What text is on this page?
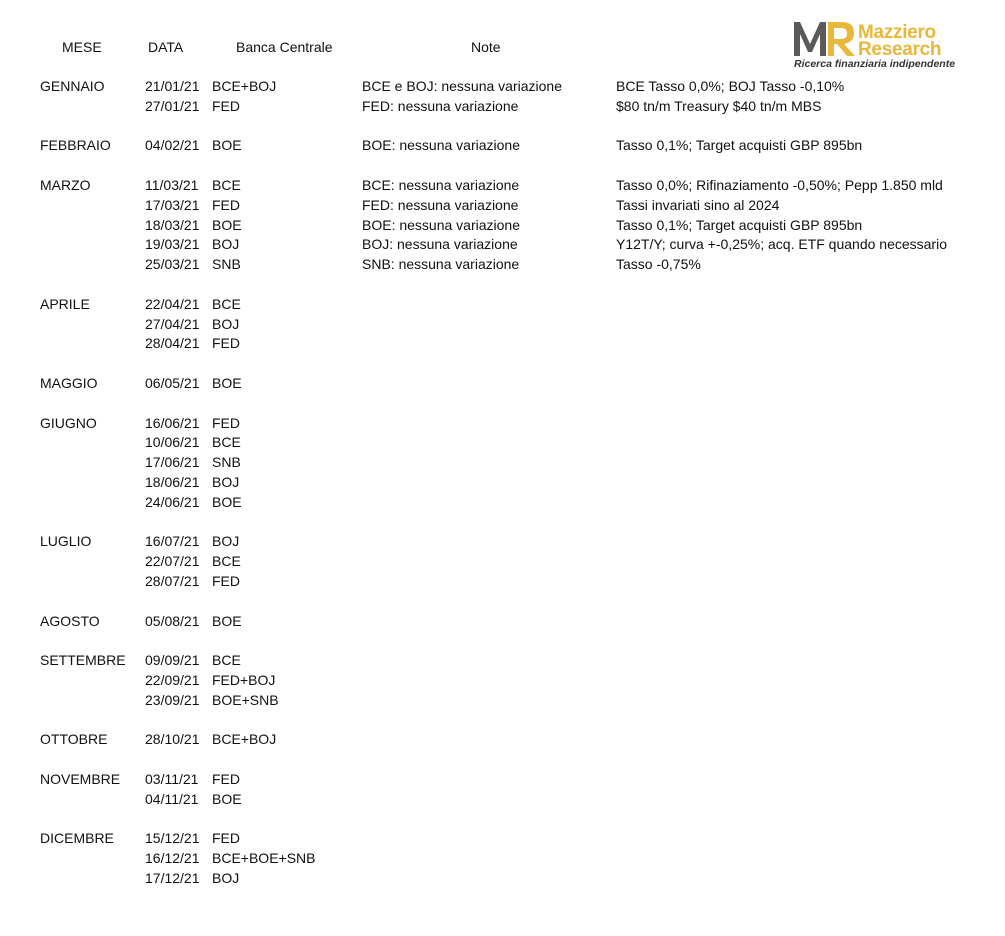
MESE	DATA	Banca Centrale	Note
Mazziero
Research
Ricerca finanziaria indipendente
GENNAIO	21/01/21 BCE+BOJ	BCE e BOJ: nessuna variazione	BCE Tasso 0,0%; BOJ Tasso -0,10%
27/01/21 FED	FED: nessuna variazione	$80 tn/m Treasury $40 tn/m MBS
FEBBRAIO 04/02/21 BOE	BOE: nessuna variazione	Tasso 0,1%; Target acquisti GBP 895bn
MARZO	11/03/21 BCE	BCE: nessuna variazione	Tasso 0,0%; Rifinaziamento -0,50%; Pepp 1.850 mld
17/03/21 FED	FED: nessuna variazione	Tassi invariati sino al 2024
18/03/21 BOE	BOE: nessuna variazione	Tasso 0,1%; Target acquisti GBP 895bn
19/03/21 BOJ	BOJ: nessuna variazione	Y12T/Y; curva +-0,25%; acq. ETF quando necessario
25/03/21 SNB	SNB: nessuna variazione	Tasso -0,75%
APRILE	22/04/21 BCE
27/04/21 BOJ
28/04/21 FED
MAGGIO	06/05/21 BOE
GIUGNO	16/06/21 FED
10/06/21 BCE
17/06/21 SNB
18/06/21 BOJ
24/06/21 BOE
LUGLIO	16/07/21 BOJ
22/07/21 BCE
28/07/21 FED
AGOSTO	05/08/21 BOE
SETTEMBRE 09/09/21 BCE
22/09/21 FED+BOJ
23/09/21 BOE+SNB
OTTOBRE	28/10/21 BCE+BOJ
NOVEMBRE 03/11/21 FED
04/11/21 BOE
DICEMBRE 15/12/21 FED
16/12/21 BCE+BOE+SNB
17/12/21 BOJ
